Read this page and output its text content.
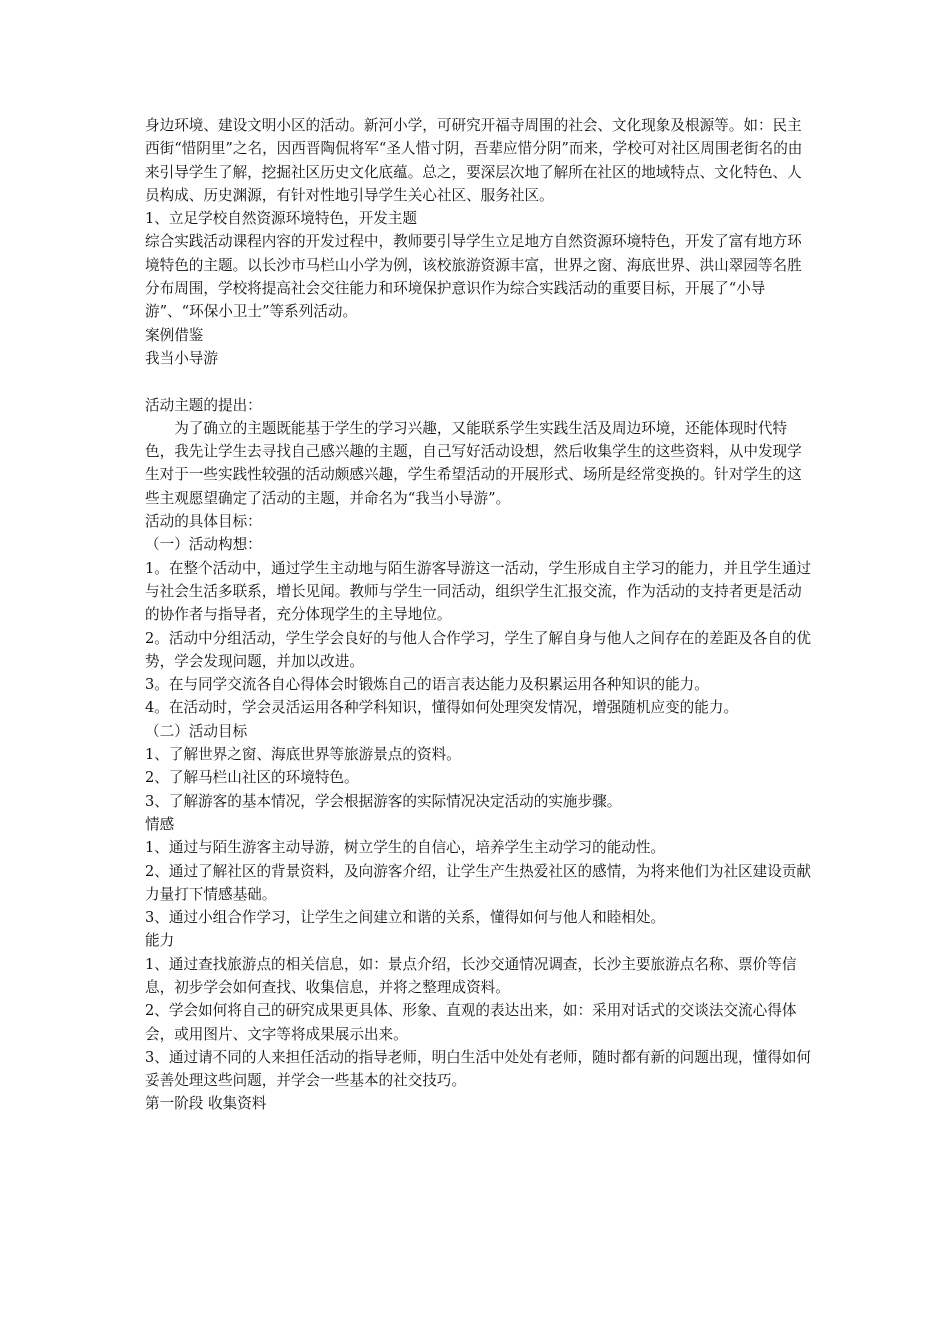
身边环境、建设文明小区的活动。新河小学，可研究开福寺周围的社会、文化现象及根源等。如：民主西街“惜阴里”之名，因西晋陶侃将军“圣人惜寸阴，吾辈应惜分阴”而来，学校可对社区周围老街名的由来引导学生了解，挖掘社区历史文化底蕴。总之，要深层次地了解所在社区的地域特点、文化特色、人员构成、历史渊源，有针对性地引导学生关心社区、服务社区。

1、立足学校自然资源环境特色，开发主题

综合实践活动课程内容的开发过程中，教师要引导学生立足地方自然资源环境特色，开发了富有地方环境特色的主题。以长沙市马栏山小学为例，该校旅游资源丰富，世界之窗、海底世界、洪山翠园等名胜分布周围，学校将提高社会交往能力和环境保护意识作为综合实践活动的重要目标，开展了“小导游”、“环保小卫士”等系列活动。

案例借鉴

我当小导游

活动主题的提出：

为了确立的主题既能基于学生的学习兴趣，又能联系学生实践生活及周边环境，还能体现时代特色，我先让学生去寻找自己感兴趣的主题，自己写好活动设想，然后收集学生的这些资料，从中发现学生对于一些实践性较强的活动颇感兴趣，学生希望活动的开展形式、场所是经常变换的。针对学生的这些主观愿望确定了活动的主题，并命名为“我当小导游”。

活动的具体目标：

（一）活动构想：

1。在整个活动中，通过学生主动地与陌生游客导游这一活动，学生形成自主学习的能力，并且学生通过与社会生活多联系，增长见闻。教师与学生一同活动，组织学生汇报交流，作为活动的支持者更是活动的协作者与指导者，充分体现学生的主导地位。

2。活动中分组活动，学生学会良好的与他人合作学习，学生了解自身与他人之间存在的差距及各自的优势，学会发现问题，并加以改进。

3。在与同学交流各自心得体会时锻炼自己的语言表达能力及积累运用各种知识的能力。

4。在活动时，学会灵活运用各种学科知识，懂得如何处理突发情况，增强随机应变的能力。

（二）活动目标

1、了解世界之窗、海底世界等旅游景点的资料。

2、了解马栏山社区的环境特色。

3、了解游客的基本情况，学会根据游客的实际情况决定活动的实施步骤。

情感

1、通过与陌生游客主动导游，树立学生的自信心，培养学生主动学习的能动性。

2、通过了解社区的背景资料，及向游客介绍，让学生产生热爱社区的感情，为将来他们为社区建设贡献力量打下情感基础。

3、通过小组合作学习，让学生之间建立和谐的关系，懂得如何与他人和睦相处。

能力

1、通过查找旅游点的相关信息，如：景点介绍，长沙交通情况调查，长沙主要旅游点名称、票价等信息，初步学会如何查找、收集信息，并将之整理成资料。

2、学会如何将自己的研究成果更具体、形象、直观的表达出来，如：采用对话式的交谈法交流心得体会，或用图片、文字等将成果展示出来。

3、通过请不同的人来担任活动的指导老师，明白生活中处处有老师，随时都有新的问题出现，懂得如何妥善处理这些问题，并学会一些基本的社交技巧。

第一阶段 收集资料
